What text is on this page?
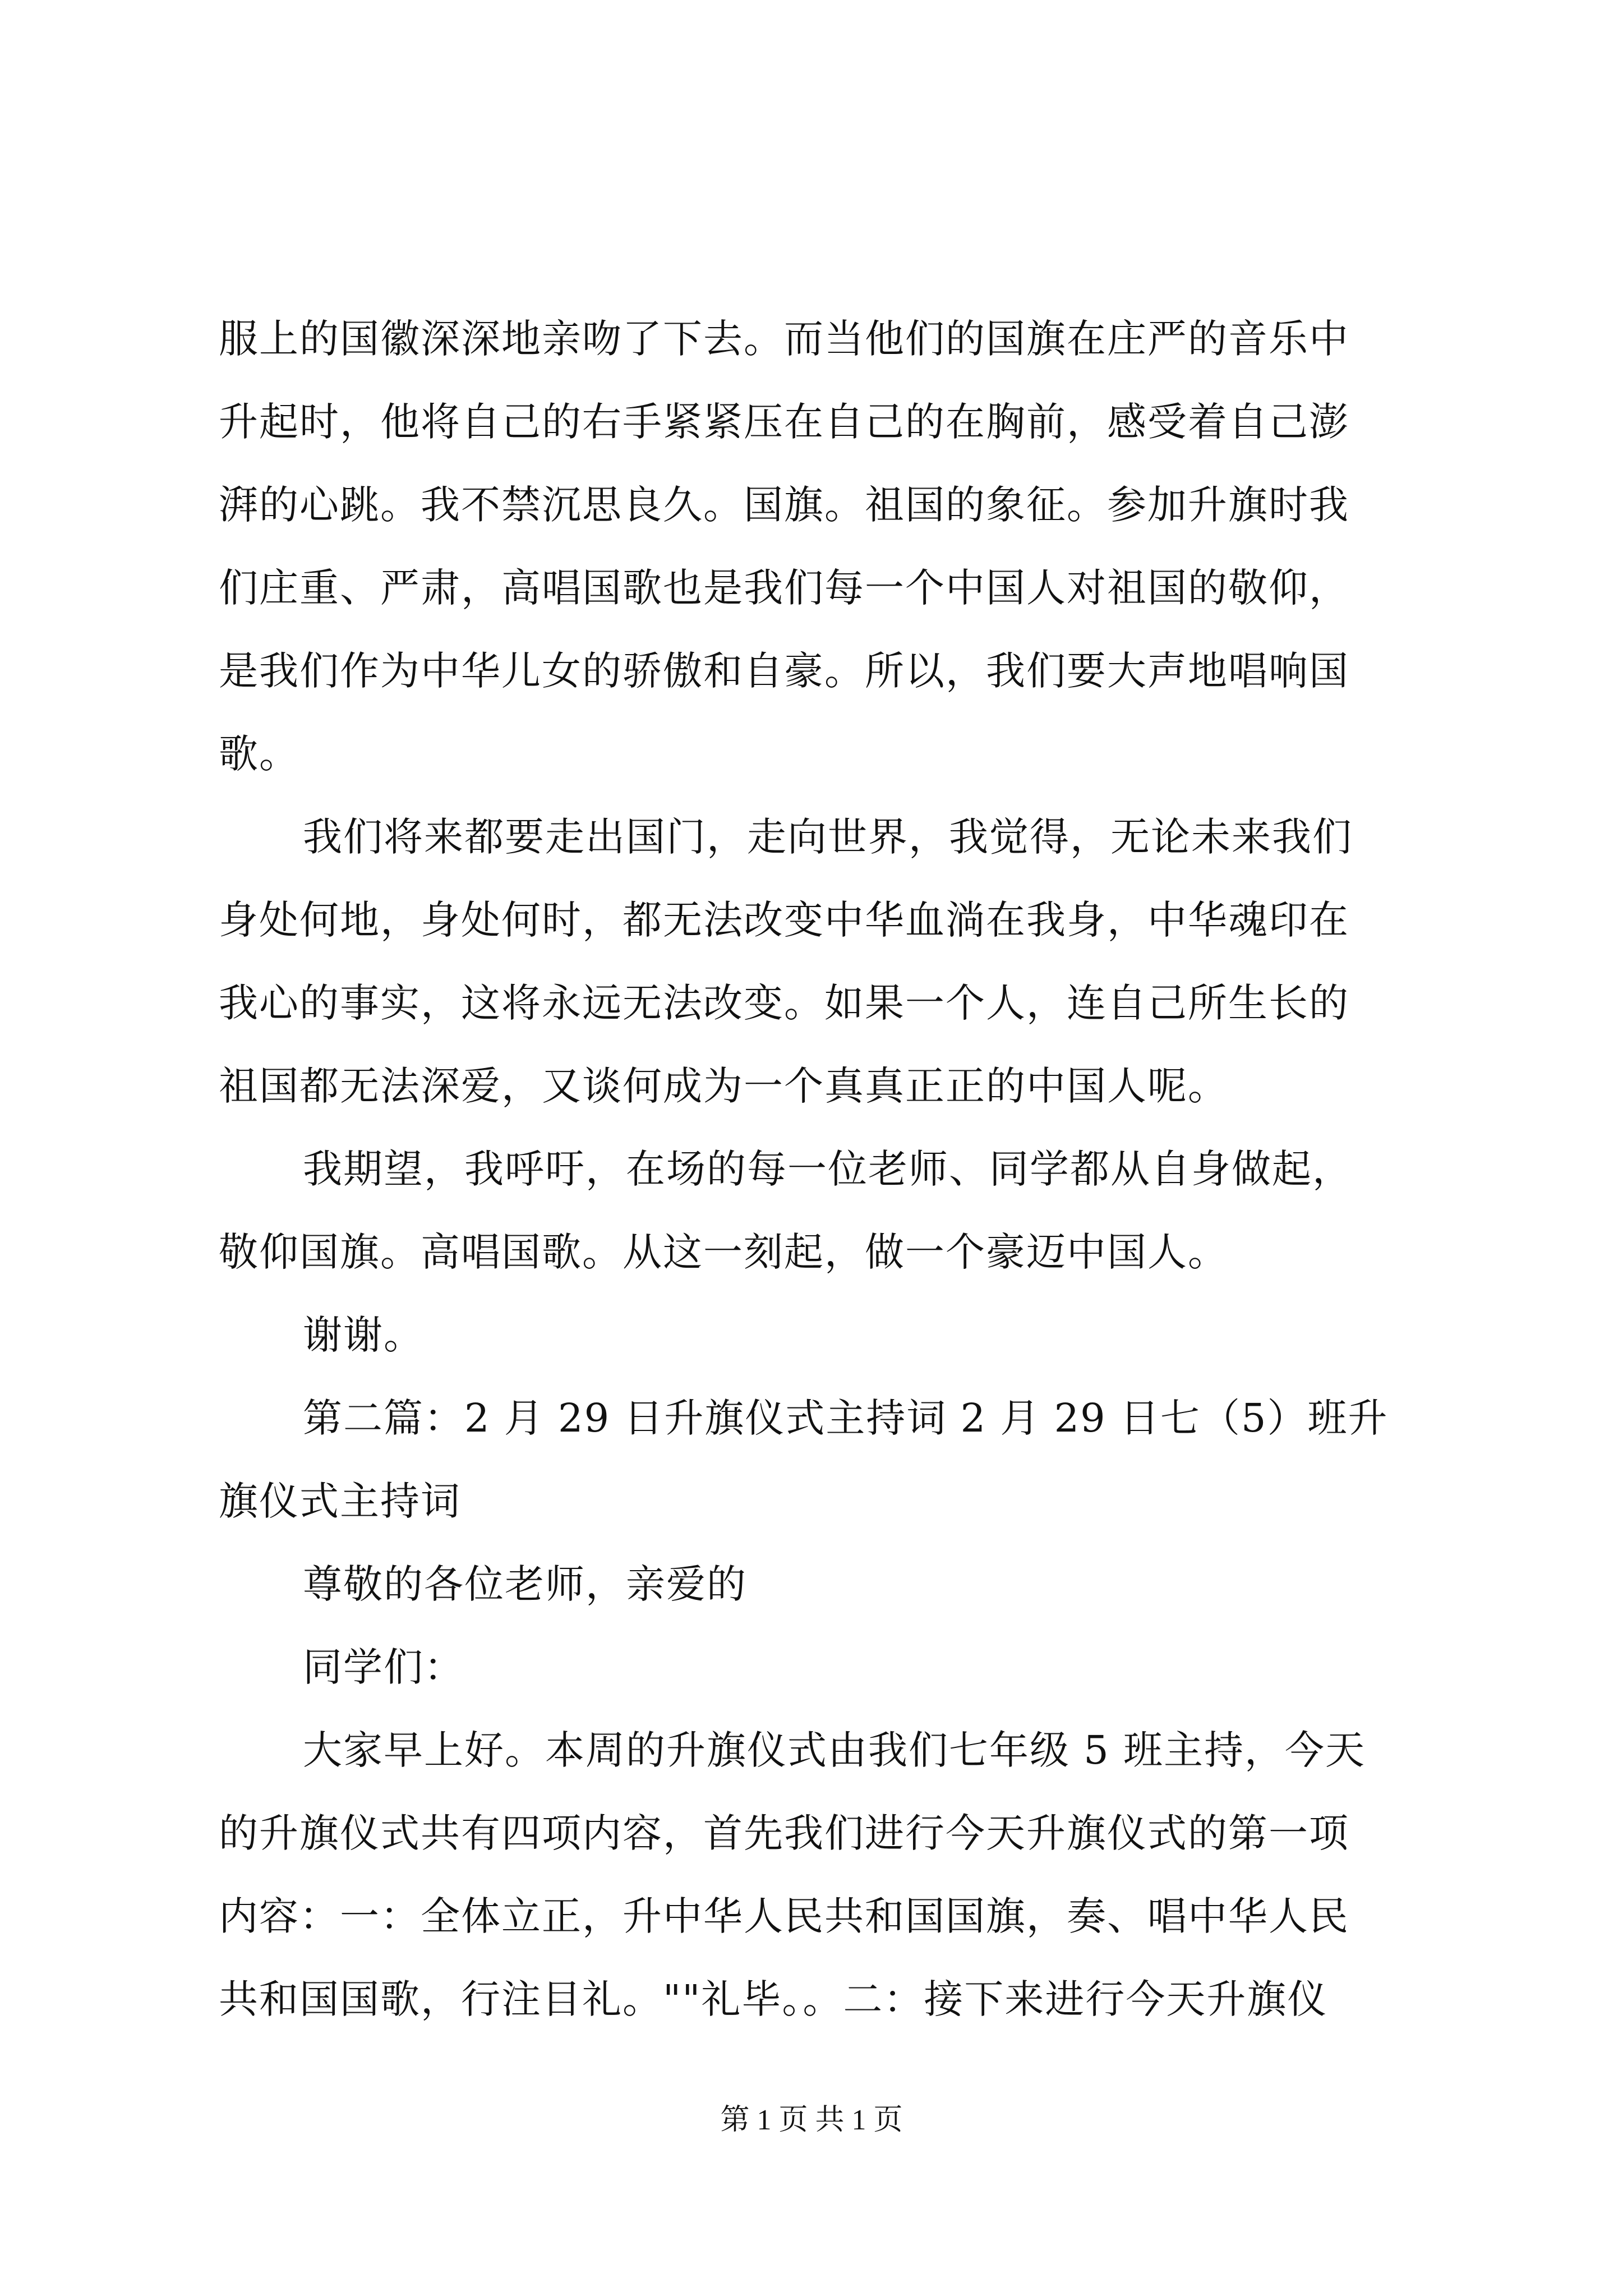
服上的国徽深深地亲吻了下去。而当他们的国旗在庄严的音乐中
升起时，他将自己的右手紧紧压在自己的在胸前，感受着自己澎
湃的心跳。我不禁沉思良久。国旗。祖国的象征。参加升旗时我
们庄重、严肃，高唱国歌也是我们每一个中国人对祖国的敬仰，
是我们作为中华儿女的骄傲和自豪。所以，我们要大声地唱响国
歌。
我们将来都要走出国门，走向世界，我觉得，无论未来我们
身处何地，身处何时，都无法改变中华血淌在我身，中华魂印在
我心的事实，这将永远无法改变。如果一个人，连自己所生长的
祖国都无法深爱，又谈何成为一个真真正正的中国人呢。
我期望，我呼吁，在场的每一位老师、同学都从自身做起，
敬仰国旗。高唱国歌。从这一刻起，做一个豪迈中国人。
谢谢。
第二篇：2 月 29 日升旗仪式主持词 2 月 29 日七（5）班升
旗仪式主持词
尊敬的各位老师，亲爱的
同学们：
大家早上好。本周的升旗仪式由我们七年级 5 班主持，今天
的升旗仪式共有四项内容，首先我们进行今天升旗仪式的第一项
内容：一：全体立正，升中华人民共和国国旗，奏、唱中华人民
共和国国歌，行注目礼。""礼毕。。二：接下来进行今天升旗仪
第 1 页 共 1 页
